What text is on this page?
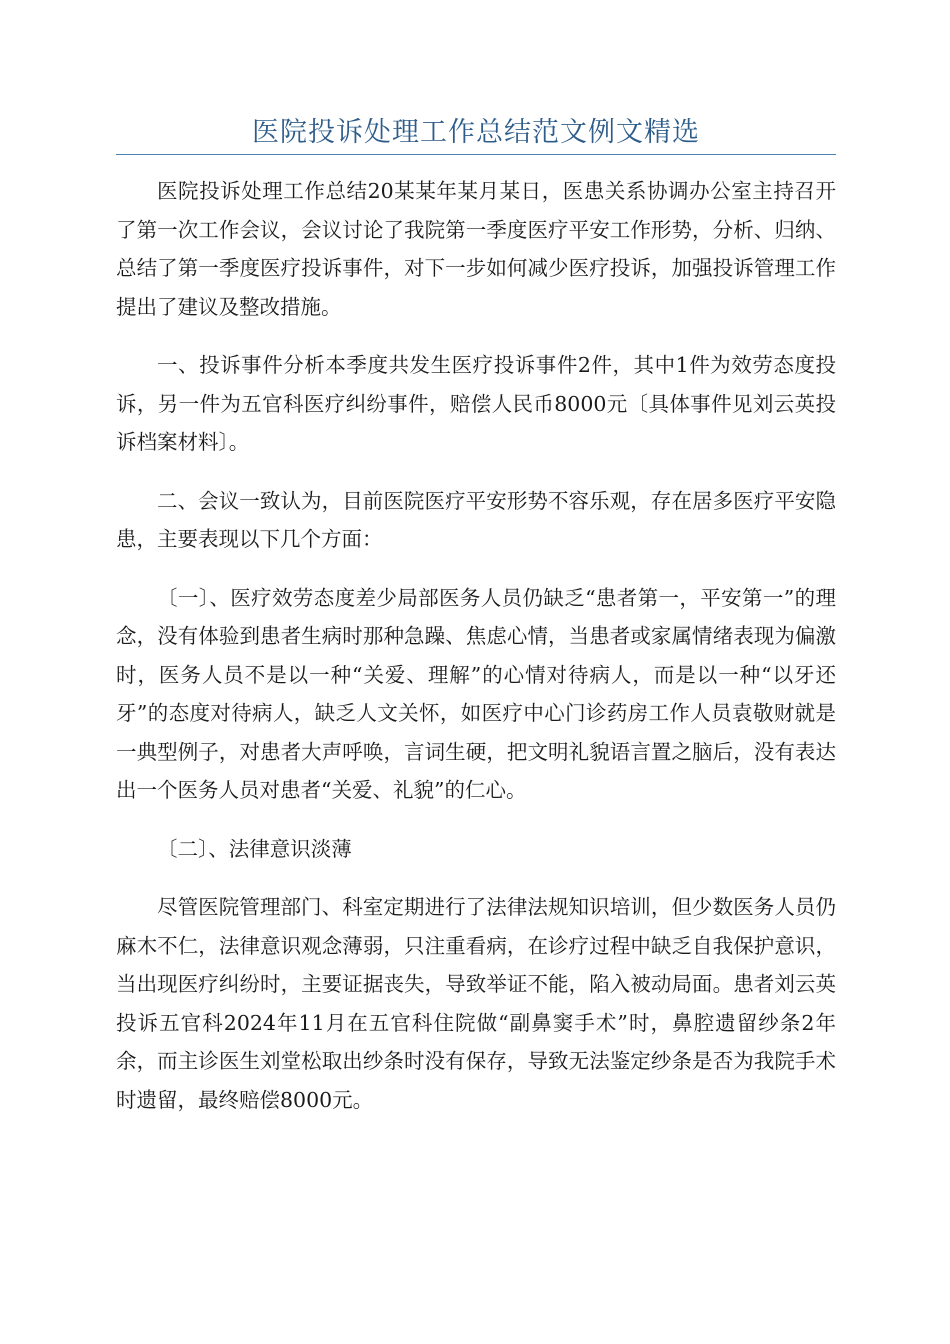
医院投诉处理工作总结范文例文精选

医院投诉处理工作总结20某某年某月某日，医患关系协调办公室主持召开了第一次工作会议，会议讨论了我院第一季度医疗平安工作形势，分析、归纳、总结了第一季度医疗投诉事件，对下一步如何减少医疗投诉，加强投诉管理工作提出了建议及整改措施。

一、投诉事件分析本季度共发生医疗投诉事件2件，其中1件为效劳态度投诉，另一件为五官科医疗纠纷事件，赔偿人民币8000元〔具体事件见刘云英投诉档案材料〕。

二、会议一致认为，目前医院医疗平安形势不容乐观，存在居多医疗平安隐患，主要表现以下几个方面：

〔一〕、医疗效劳态度差少局部医务人员仍缺乏“患者第一，平安第一”的理念，没有体验到患者生病时那种急躁、焦虑心情，当患者或家属情绪表现为偏激时，医务人员不是以一种“关爱、理解”的心情对待病人，而是以一种“以牙还牙”的态度对待病人，缺乏人文关怀，如医疗中心门诊药房工作人员袁敬财就是一典型例子，对患者大声呼唤，言词生硬，把文明礼貌语言置之脑后，没有表达出一个医务人员对患者“关爱、礼貌”的仁心。

〔二〕、法律意识淡薄

尽管医院管理部门、科室定期进行了法律法规知识培训，但少数医务人员仍麻木不仁，法律意识观念薄弱，只注重看病，在诊疗过程中缺乏自我保护意识，当出现医疗纠纷时，主要证据丧失，导致举证不能，陷入被动局面。患者刘云英投诉五官科2024年11月在五官科住院做“副鼻窦手术”时，鼻腔遗留纱条2年余，而主诊医生刘堂松取出纱条时没有保存，导致无法鉴定纱条是否为我院手术时遗留，最终赔偿8000元。
